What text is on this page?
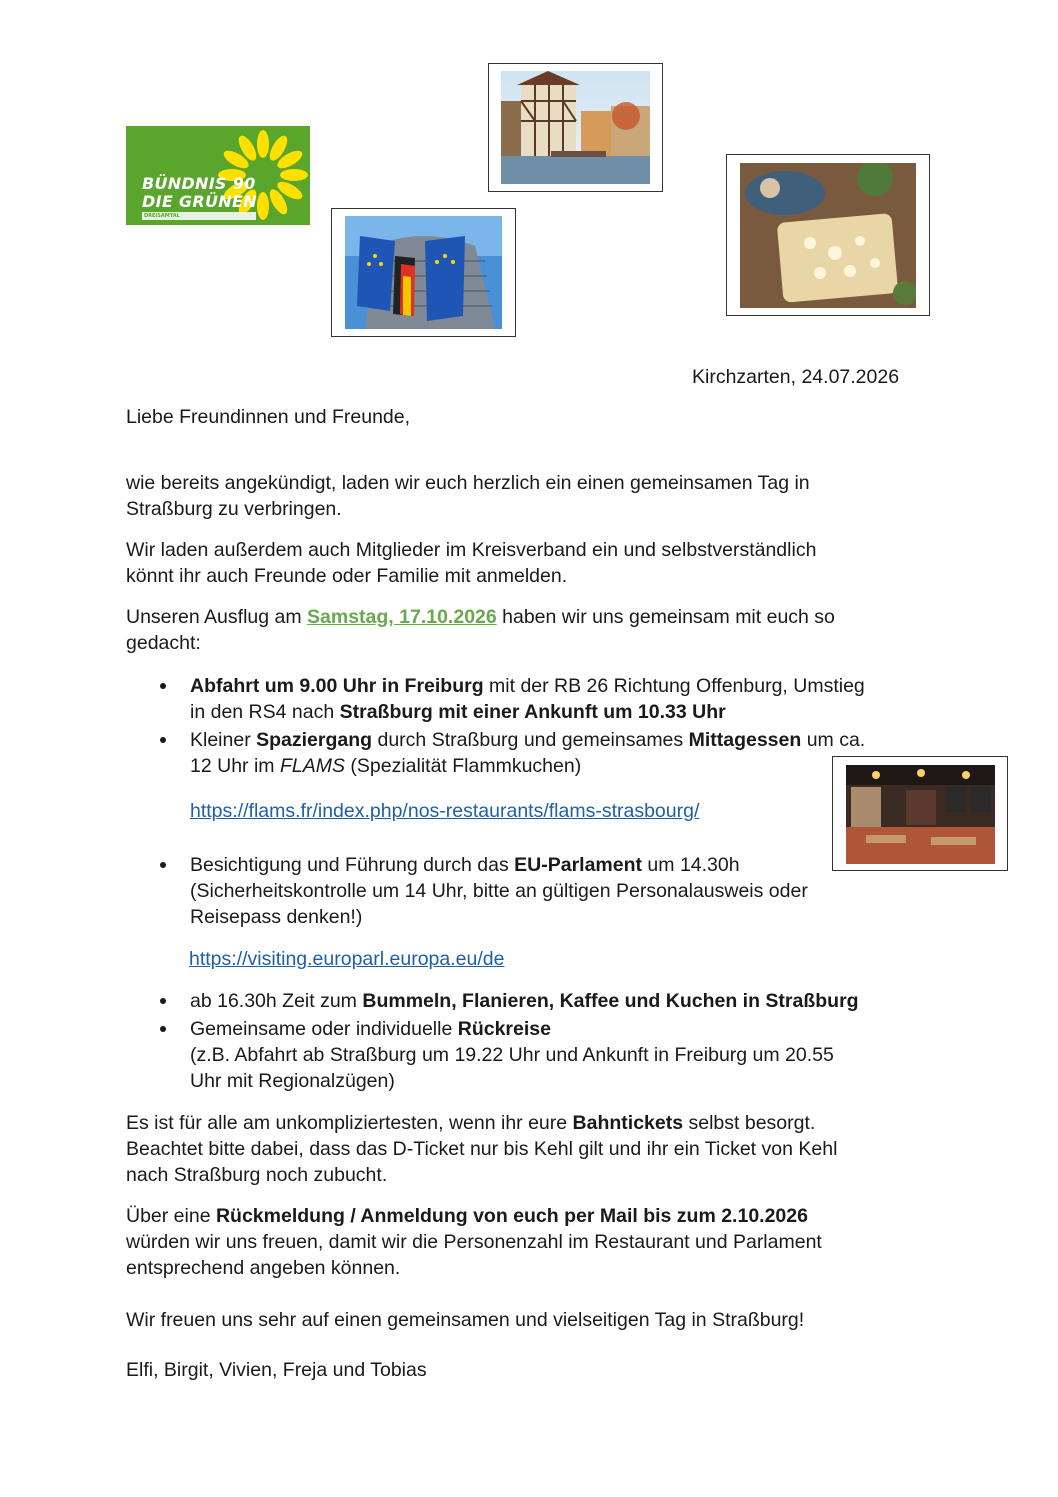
BÜNDNIS 90
DIE GRÜNEN
DREISAMTAL
Kirchzarten, 24.07.2026
Liebe Freundinnen und Freunde,
wie bereits angekündigt, laden wir euch herzlich ein einen gemeinsamen Tag in
Straßburg zu verbringen.
Wir laden außerdem auch Mitglieder im Kreisverband ein und selbstverständlich
könnt ihr auch Freunde oder Familie mit anmelden.
Unseren Ausflug am Samstag, 17.10.2026 haben wir uns gemeinsam mit euch so
gedacht:
Abfahrt um 9.00 Uhr in Freiburg mit der RB 26 Richtung Offenburg, Umstieg
in den RS4 nach Straßburg mit einer Ankunft um 10.33 Uhr
Kleiner Spaziergang durch Straßburg und gemeinsames Mittagessen um ca.
12 Uhr im FLAMS (Spezialität Flammkuchen)
https://flams.fr/index.php/nos-restaurants/flams-strasbourg/
Besichtigung und Führung durch das EU-Parlament um 14.30h
(Sicherheitskontrolle um 14 Uhr, bitte an gültigen Personalausweis oder
Reisepass denken!)
https://visiting.europarl.europa.eu/de
ab 16.30h Zeit zum Bummeln, Flanieren, Kaffee und Kuchen in Straßburg
Gemeinsame oder individuelle Rückreise
(z.B. Abfahrt ab Straßburg um 19.22 Uhr und Ankunft in Freiburg um 20.55
Uhr mit Regionalzügen)
Es ist für alle am unkompliziertesten, wenn ihr eure Bahntickets selbst besorgt.
Beachtet bitte dabei, dass das D-Ticket nur bis Kehl gilt und ihr ein Ticket von Kehl
nach Straßburg noch zubucht.
Über eine Rückmeldung / Anmeldung von euch per Mail bis zum 2.10.2026
würden wir uns freuen, damit wir die Personenzahl im Restaurant und Parlament
entsprechend angeben können.
Wir freuen uns sehr auf einen gemeinsamen und vielseitigen Tag in Straßburg!
Elfi, Birgit, Vivien, Freja und Tobias
